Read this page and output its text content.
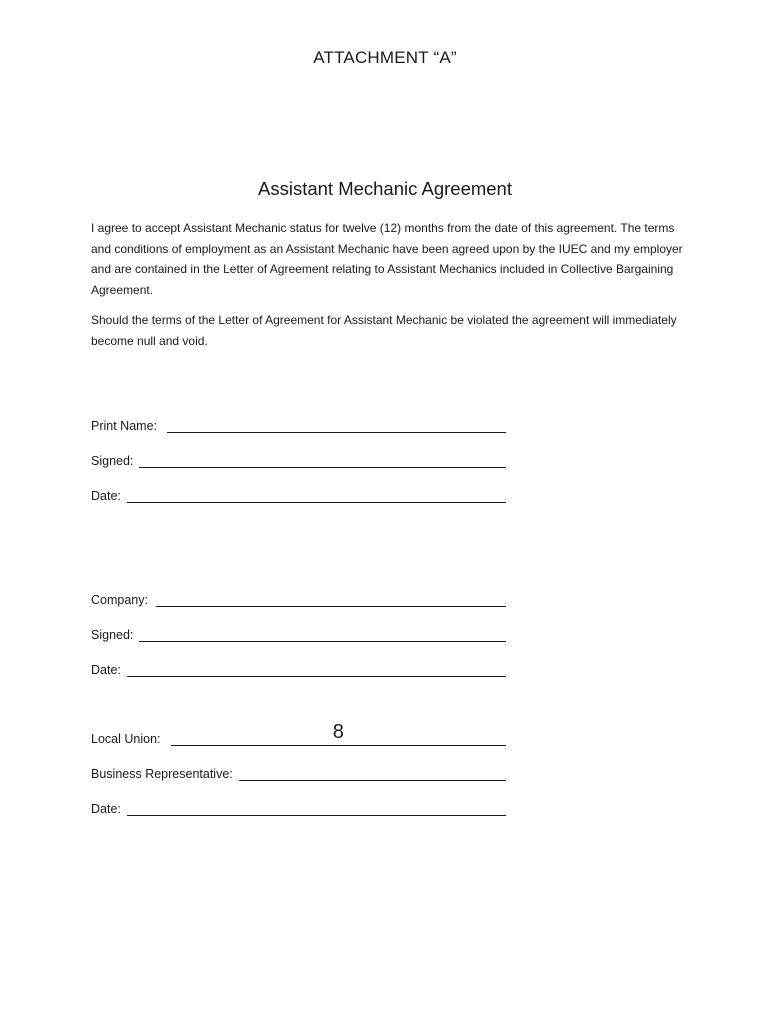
ATTACHMENT “A”
Assistant Mechanic Agreement

I agree to accept Assistant Mechanic status for twelve (12) months from the date of this agreement. The terms and conditions of employment as an Assistant Mechanic have been agreed upon by the IUEC and my employer and are contained in the Letter of Agreement relating to Assistant Mechanics included in Collective Bargaining Agreement.

Should the terms of the Letter of Agreement for Assistant Mechanic be violated the agreement will immediately become null and void.

Print Name:
Signed:
Date:
Company:
Signed:
Date:
Local Union:	8
Business Representative:
Date:
